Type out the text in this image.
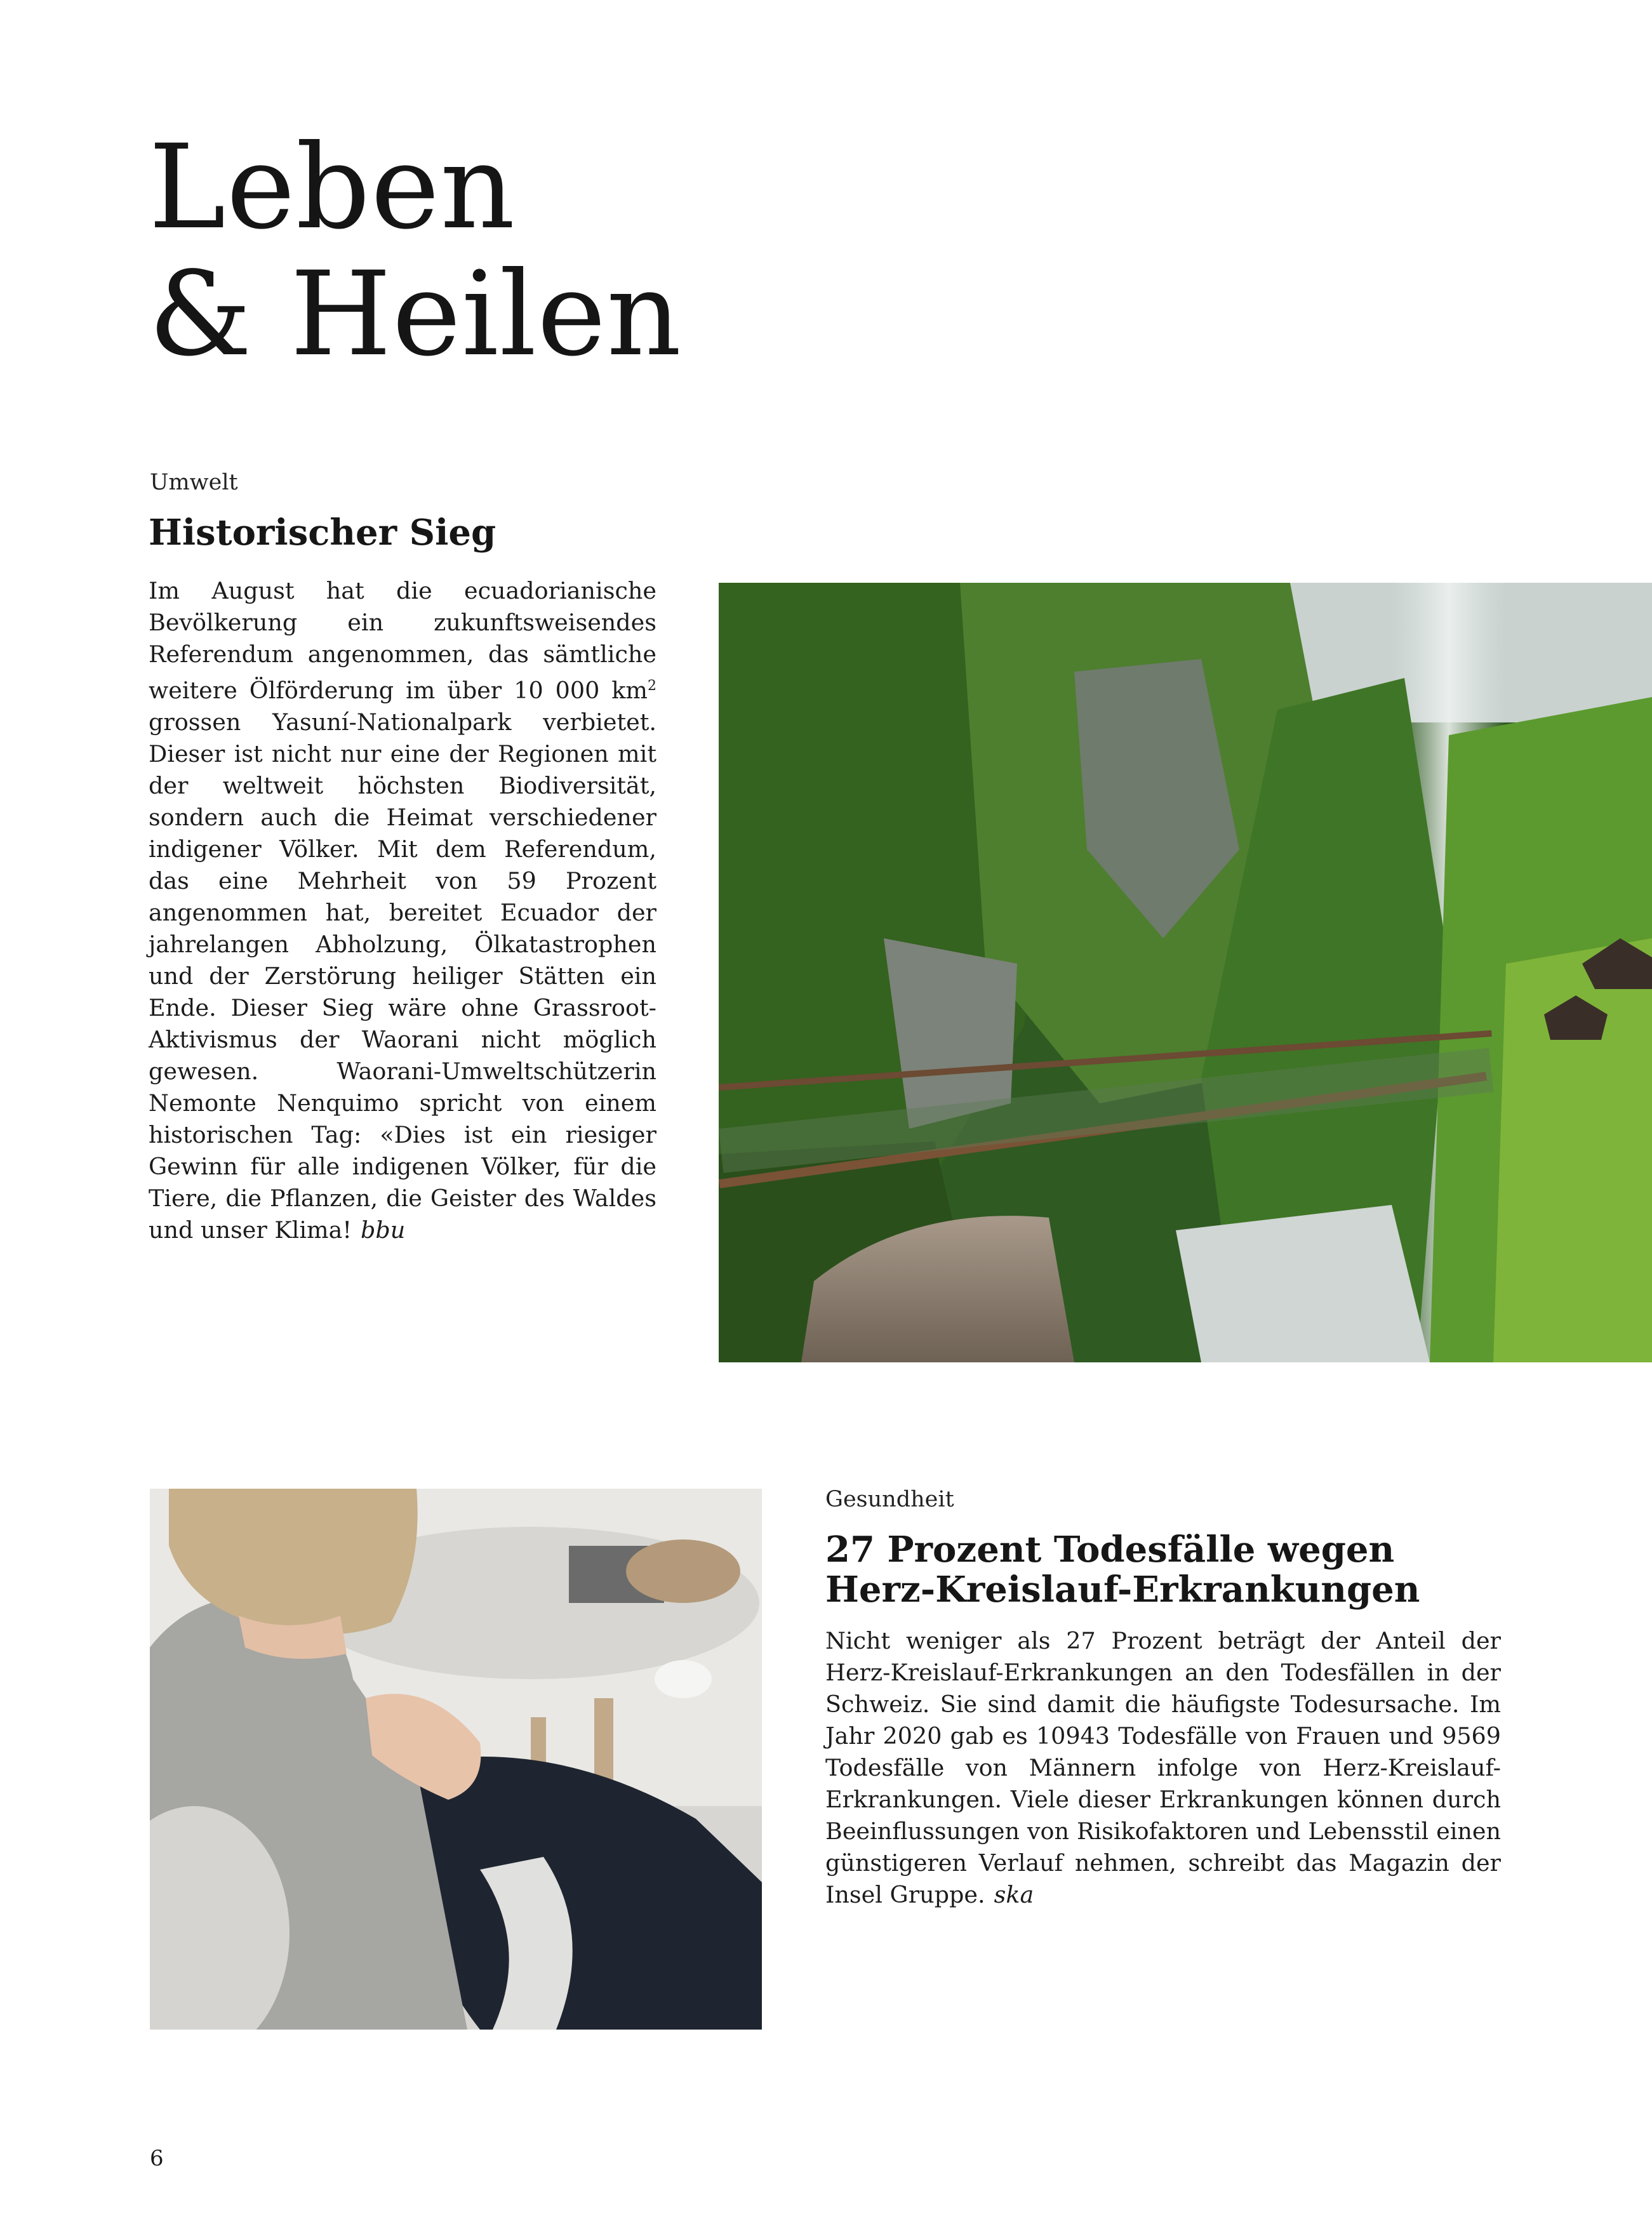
Leben
& Heilen
Umwelt
Historischer Sieg

Im August hat die ecuadorianische Bevölkerung ein zukunftsweisendes Referendum angenommen, das sämtliche weitere Ölförderung im über 10 000 $km^2$ grossen Yasuní-Nationalpark verbietet. Dieser ist nicht nur eine der Regionen mit der weltweit höchsten Biodiversität, sondern auch die Heimat verschiedener indigener Völker. Mit dem Referendum, das eine Mehrheit von 59 Prozent angenommen hat, bereitet Ecuador der jahrelangen Abholzung, Ölkatastrophen und der Zerstörung heiliger Stätten ein Ende. Dieser Sieg wäre ohne Grassroot-Aktivismus der Waorani nicht möglich gewesen. Waorani-Umweltschützerin Nemonte Nenquimo spricht von einem historischen Tag: «Dies ist ein riesiger Gewinn für alle indigenen Völker, für die Tiere, die Pflanzen, die Geister des Waldes und unser Klima! bbu

Gesundheit
27 Prozent Todesfälle wegen
Herz-Kreislauf-Erkrankungen

Nicht weniger als 27 Prozent beträgt der Anteil der Herz-Kreislauf-Erkrankungen an den Todesfällen in der Schweiz. Sie sind damit die häufigste Todesursache. Im Jahr 2020 gab es 10943 Todesfälle von Frauen und 9569 Todesfälle von Männern infolge von Herz-Kreislauf-Erkrankungen. Viele dieser Erkrankungen können durch Beeinflussungen von Risikofaktoren und Lebensstil einen günstigeren Verlauf nehmen, schreibt das Magazin der Insel Gruppe. ska

6
